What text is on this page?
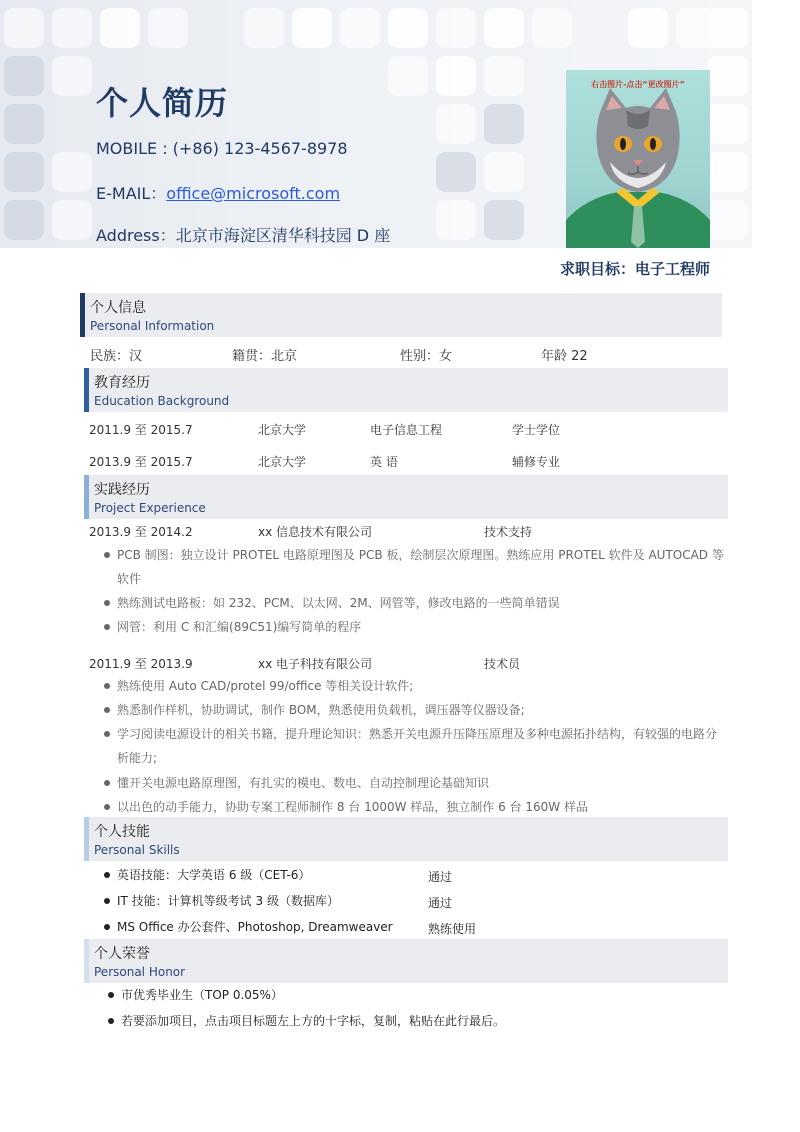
个人简历
MOBILE : (+86) 123-4567-8978
E-MAIL：office@microsoft.com
Address：北京市海淀区清华科技园 D 座
右击图片-点击“更改图片”
求职目标：电子工程师
个人信息
Personal Information
民族：汉	籍贯：北京	性别：女	年龄 22
教育经历
Education Background
2011.9 至 2015.7	北京大学	电子信息工程	学士学位
2013.9 至 2015.7	北京大学	英 语	辅修专业
实践经历
Project Experience
2013.9 至 2014.2	xx 信息技术有限公司	技术支持
PCB 制图：独立设计 PROTEL 电路原理图及 PCB 板，绘制层次原理图。熟练应用 PROTEL 软件及 AUTOCAD 等软件
熟练测试电路板：如 232、PCM、以太网、2M、网管等，修改电路的一些简单错误
网管：利用 C 和汇编(89C51)编写简单的程序
2011.9 至 2013.9	xx 电子科技有限公司	技术员
熟练使用 Auto CAD/protel 99/office 等相关设计软件;
熟悉制作样机，协助调试，制作 BOM，熟悉使用负载机，调压器等仪器设备;
学习阅读电源设计的相关书籍，提升理论知识：熟悉开关电源升压降压原理及多种电源拓扑结构，有较强的电路分析能力;
懂开关电源电路原理图，有扎实的模电、数电、自动控制理论基础知识
以出色的动手能力，协助专案工程师制作 8 台 1000W 样品，独立制作 6 台 160W 样品
个人技能
Personal Skills
英语技能：大学英语 6 级（CET-6）	通过
IT 技能：计算机等级考试 3 级（数据库）	通过
MS Office 办公套件、Photoshop, Dreamweaver	熟练使用
个人荣誉
Personal Honor
市优秀毕业生（TOP 0.05%）
若要添加项目，点击项目标题左上方的十字标，复制，粘贴在此行最后。
